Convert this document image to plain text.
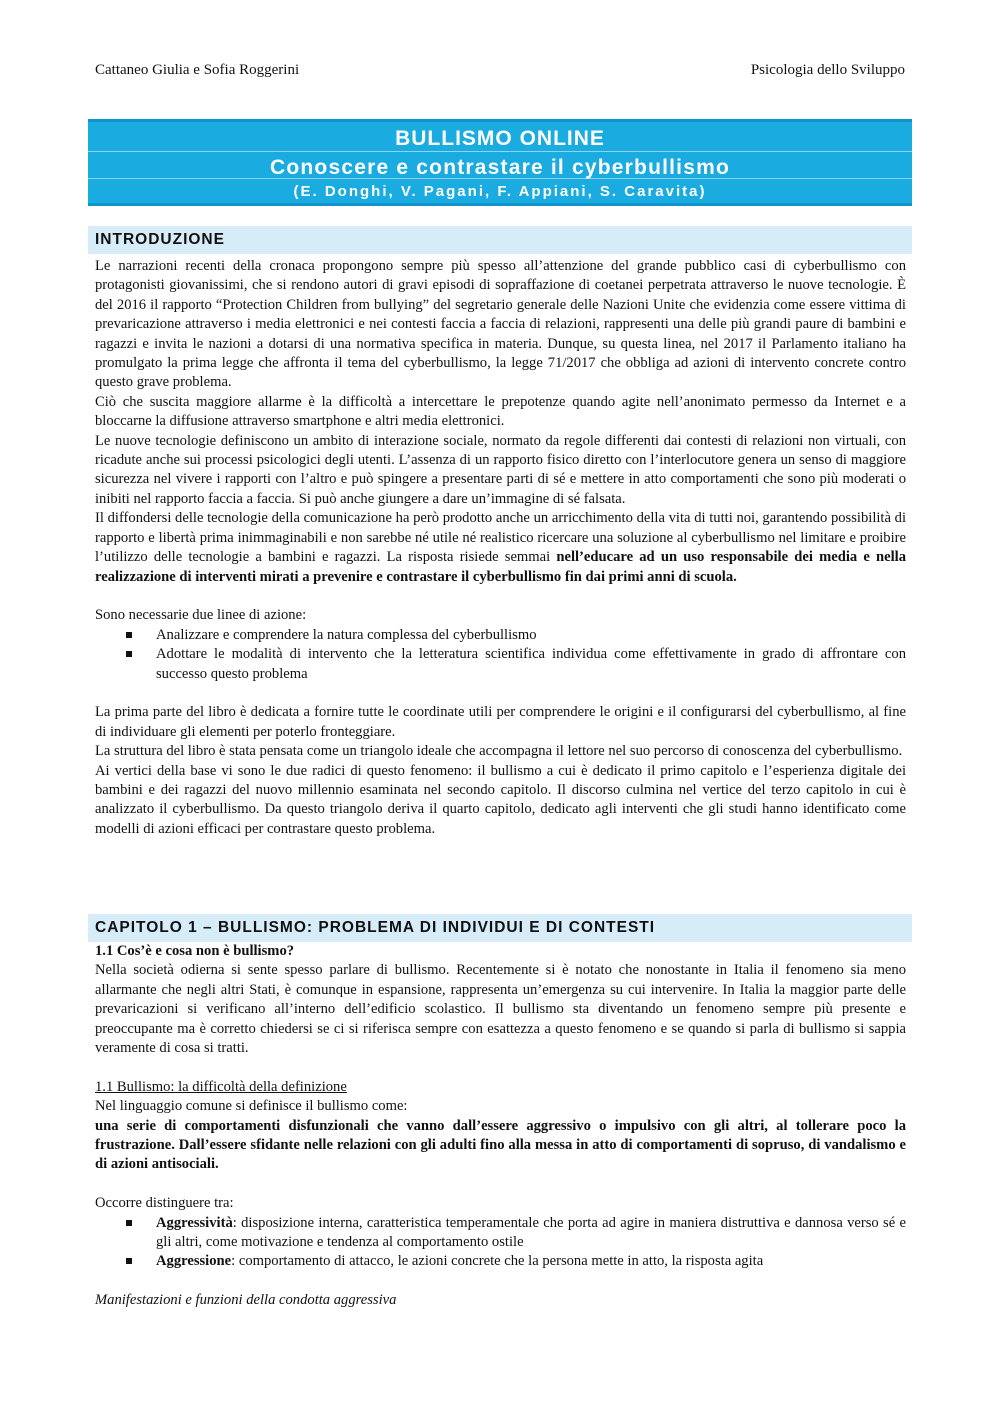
Cattaneo Giulia e Sofia Roggerini	Psicologia dello Sviluppo
BULLISMO ONLINE
Conoscere e contrastare il cyberbullismo
(E. Donghi, V. Pagani, F. Appiani, S. Caravita)
INTRODUZIONE

Le narrazioni recenti della cronaca propongono sempre più spesso all’attenzione del grande pubblico casi di cyberbullismo con protagonisti giovanissimi, che si rendono autori di gravi episodi di sopraffazione di coetanei perpetrata attraverso le nuove tecnologie. È del 2016 il rapporto “Protection Children from bullying” del segretario generale delle Nazioni Unite che evidenzia come essere vittima di prevaricazione attraverso i media elettronici e nei contesti faccia a faccia di relazioni, rappresenti una delle più grandi paure di bambini e ragazzi e invita le nazioni a dotarsi di una normativa specifica in materia. Dunque, su questa linea, nel 2017 il Parlamento italiano ha promulgato la prima legge che affronta il tema del cyberbullismo, la legge 71/2017 che obbliga ad azioni di intervento concrete contro questo grave problema.

Ciò che suscita maggiore allarme è la difficoltà a intercettare le prepotenze quando agite nell’anonimato permesso da Internet e a bloccarne la diffusione attraverso smartphone e altri media elettronici.

Le nuove tecnologie definiscono un ambito di interazione sociale, normato da regole differenti dai contesti di relazioni non virtuali, con ricadute anche sui processi psicologici degli utenti. L’assenza di un rapporto fisico diretto con l’interlocutore genera un senso di maggiore sicurezza nel vivere i rapporti con l’altro e può spingere a presentare parti di sé e mettere in atto comportamenti che sono più moderati o inibiti nel rapporto faccia a faccia. Si può anche giungere a dare un’immagine di sé falsata.

Il diffondersi delle tecnologie della comunicazione ha però prodotto anche un arricchimento della vita di tutti noi, garantendo possibilità di rapporto e libertà prima inimmaginabili e non sarebbe né utile né realistico ricercare una soluzione al cyberbullismo nel limitare e proibire l’utilizzo delle tecnologie a bambini e ragazzi. La risposta risiede semmai nell’educare ad un uso responsabile dei media e nella realizzazione di interventi mirati a prevenire e contrastare il cyberbullismo fin dai primi anni di scuola.

Sono necessarie due linee di azione:

Analizzare e comprendere la natura complessa del cyberbullismo
Adottare le modalità di intervento che la letteratura scientifica individua come effettivamente in grado di affrontare con successo questo problema

La prima parte del libro è dedicata a fornire tutte le coordinate utili per comprendere le origini e il configurarsi del cyberbullismo, al fine di individuare gli elementi per poterlo fronteggiare.

La struttura del libro è stata pensata come un triangolo ideale che accompagna il lettore nel suo percorso di conoscenza del cyberbullismo.

Ai vertici della base vi sono le due radici di questo fenomeno: il bullismo a cui è dedicato il primo capitolo e l’esperienza digitale dei bambini e dei ragazzi del nuovo millennio esaminata nel secondo capitolo. Il discorso culmina nel vertice del terzo capitolo in cui è analizzato il cyberbullismo. Da questo triangolo deriva il quarto capitolo, dedicato agli interventi che gli studi hanno identificato come modelli di azioni efficaci per contrastare questo problema.

CAPITOLO 1 – BULLISMO: PROBLEMA DI INDIVIDUI E DI CONTESTI

1.1 Cos’è e cosa non è bullismo?

Nella società odierna si sente spesso parlare di bullismo. Recentemente si è notato che nonostante in Italia il fenomeno sia meno allarmante che negli altri Stati, è comunque in espansione, rappresenta un’emergenza su cui intervenire. In Italia la maggior parte delle prevaricazioni si verificano all’interno dell’edificio scolastico. Il bullismo sta diventando un fenomeno sempre più presente e preoccupante ma è corretto chiedersi se ci si riferisca sempre con esattezza a questo fenomeno e se quando si parla di bullismo si sappia veramente di cosa si tratti.

1.1 Bullismo: la difficoltà della definizione

Nel linguaggio comune si definisce il bullismo come:

una serie di comportamenti disfunzionali che vanno dall’essere aggressivo o impulsivo con gli altri, al tollerare poco la frustrazione. Dall’essere sfidante nelle relazioni con gli adulti fino alla messa in atto di comportamenti di sopruso, di vandalismo e di azioni antisociali.

Occorre distinguere tra:

Aggressività: disposizione interna, caratteristica temperamentale che porta ad agire in maniera distruttiva e dannosa verso sé e gli altri, come motivazione e tendenza al comportamento ostile
Aggressione: comportamento di attacco, le azioni concrete che la persona mette in atto, la risposta agita

Manifestazioni e funzioni della condotta aggressiva
